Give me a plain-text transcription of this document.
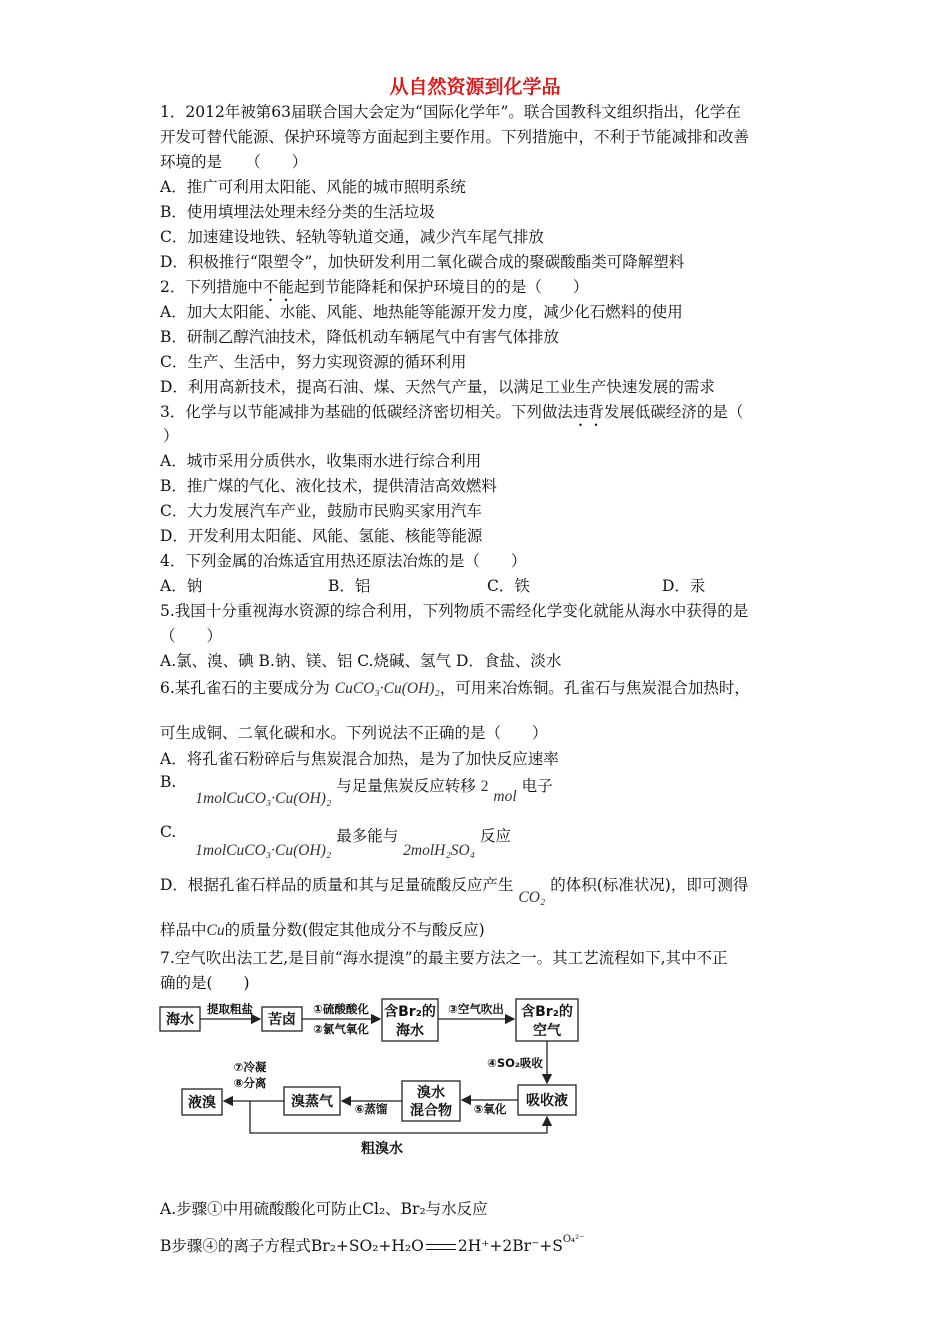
从自然资源到化学品
1．2012年被第63届联合国大会定为“国际化学年”。联合国教科文组织指出，化学在
开发可替代能源、保护环境等方面起到主要作用。下列措施中，不利于节能减排和改善
环境的是　　（　　）
A．推广可利用太阳能、风能的城市照明系统
B．使用填埋法处理未经分类的生活垃圾
C．加速建设地铁、轻轨等轨道交通，减少汽车尾气排放
D．积极推行“限塑令”，加快研发利用二氧化碳合成的聚碳酸酯类可降解塑料
2．下列措施中不能起到节能降耗和保护环境目的的是（　　）
A．加大太阳能、水能、风能、地热能等能源开发力度，减少化石燃料的使用
B．研制乙醇汽油技术，降低机动车辆尾气中有害气体排放
C．生产、生活中，努力实现资源的循环利用
D．利用高新技术，提高石油、煤、天然气产量，以满足工业生产快速发展的需求
3．化学与以节能减排为基础的低碳经济密切相关。下列做法违背发展低碳经济的是（
）
A．城市采用分质供水，收集雨水进行综合利用
B．推广煤的气化、液化技术，提供清洁高效燃料
C．大力发展汽车产业，鼓励市民购买家用汽车
D．开发利用太阳能、风能、氢能、核能等能源
4．下列金属的冶炼适宜用热还原法冶炼的是（　　）
A．钠	B．铝	C．铁	D．汞
5.我国十分重视海水资源的综合利用，下列物质不需经化学变化就能从海水中获得的是
（　　）
A.氯、溴、碘 B.钠、镁、铝 C.烧碱、氢气 D．食盐、淡水
6.某孔雀石的主要成分为 CuCO₃·Cu(OH)₂，可用来冶炼铜。孔雀石与焦炭混合加热时，
可生成铜、二氧化碳和水。下列说法不正确的是（　　）
A．将孔雀石粉碎后与焦炭混合加热，是为了加快反应速率
B. 1molCuCO₃·Cu(OH)₂ 与足量焦炭反应转移 2 mol 电子
C. 1molCuCO₃·Cu(OH)₂ 最多能与 2molH₂SO₄ 反应
D．根据孔雀石样品的质量和其与足量硫酸反应产生 CO₂ 的体积(标准状况)，即可测得
样品中Cu的质量分数(假定其他成分不与酸反应)
7.空气吹出法工艺,是目前“海水提溴”的最主要方法之一。其工艺流程如下,其中不正
确的是(　　)
海水
提取粗盐
苦卤
①硫酸酸化
②氯气氧化
含Br₂的
海水
③空气吹出 含Br₂的
空气
④SO₂吸收
吸收液
⑤氧化
溴水
混合物
⑥蒸馏
溴蒸气
⑦冷凝
⑧分离
液溴
粗溴水
A.步骤①中用硫酸酸化可防止Cl₂、Br₂与水反应
B步骤④的离子方程式Br₂+SO₂+H₂O $2H^++2Br^-+S^{O_4^{2-}}$
